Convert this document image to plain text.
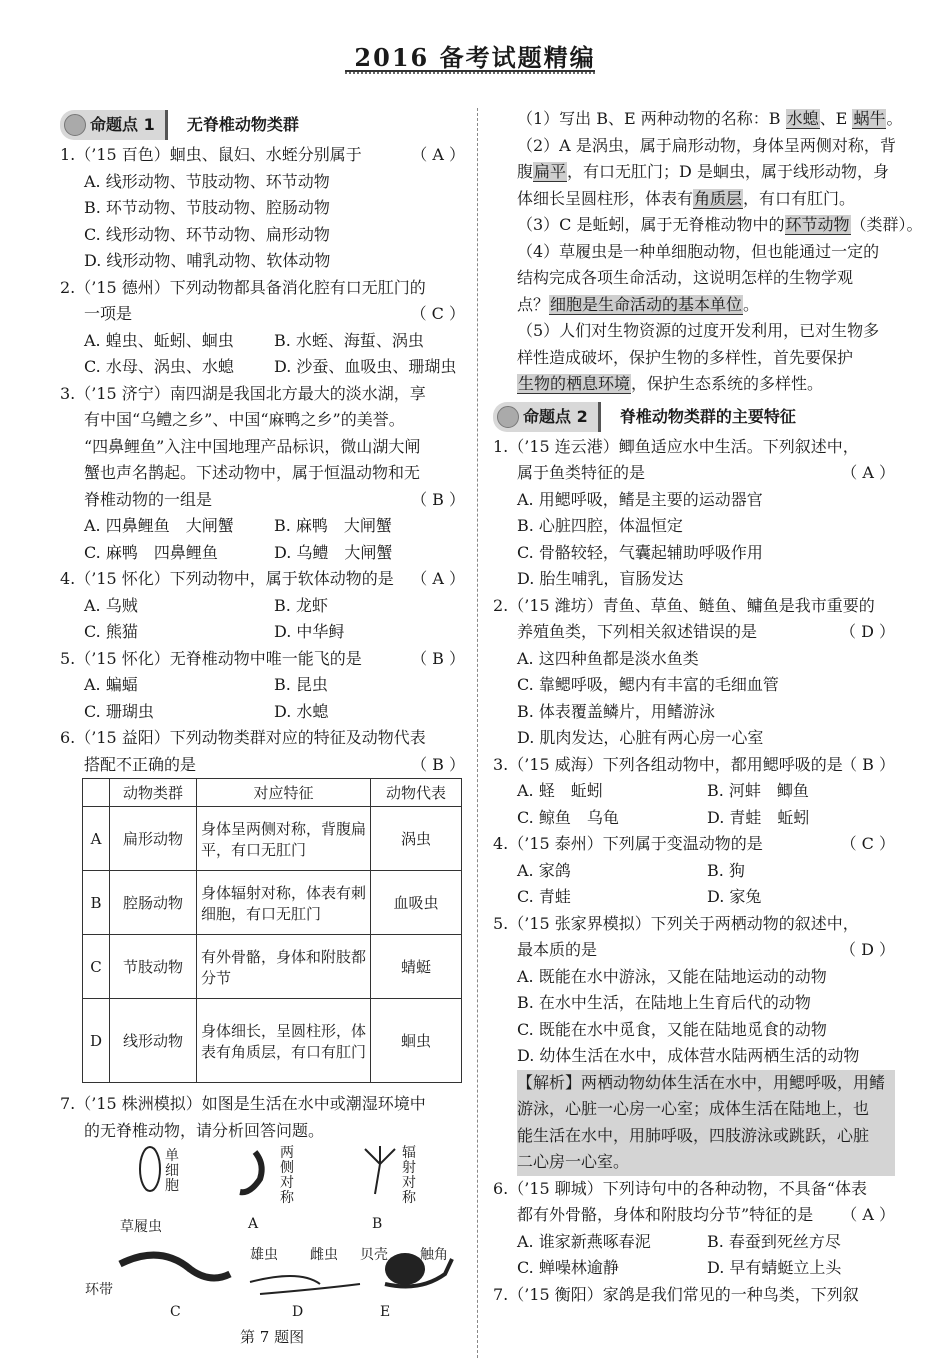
2016 备考试题精编
命题点 1 无脊椎动物类群
1.（’15 百色）蛔虫、鼠妇、水蛭分别属于	（ A ）
A. 线形动物、节肢动物、环节动物
B. 环节动物、节肢动物、腔肠动物
C. 线形动物、环节动物、扁形动物
D. 线形动物、哺乳动物、软体动物
2.（’15 德州）下列动物都具备消化腔有口无肛门的
一项是	（ C ）
A. 蝗虫、蚯蚓、蛔虫	B. 水蛭、海蜇、涡虫
C. 水母、涡虫、水螅	D. 沙蚕、血吸虫、珊瑚虫
3.（’15 济宁）南四湖是我国北方最大的淡水湖，享
有中国“乌鳢之乡”、中国“麻鸭之乡”的美誉。
“四鼻鲤鱼”入注中国地理产品标识，微山湖大闸
蟹也声名鹊起。下述动物中，属于恒温动物和无
脊椎动物的一组是	（ B ）
A. 四鼻鲤鱼　大闸蟹	B. 麻鸭　大闸蟹
C. 麻鸭　四鼻鲤鱼	D. 乌鳢　大闸蟹
4.（’15 怀化）下列动物中，属于软体动物的是 （ A ）
A. 乌贼	B. 龙虾
C. 熊猫	D. 中华鲟
5.（’15 怀化）无脊椎动物中唯一能飞的是	（ B ）
A. 蝙蝠	B. 昆虫
C. 珊瑚虫	D. 水螅
6.（’15 益阳）下列动物类群对应的特征及动物代表
搭配不正确的是	（ B ）
	动物类群	对应特征	动物代表
A	扁形动物	身体呈两侧对称，背腹扁平，有口无肛门	涡虫
B	腔肠动物	身体辐射对称，体表有刺细胞，有口无肛门	血吸虫
C	节肢动物	有外骨骼，身体和附肢都分节	蜻蜓
D	线形动物	身体细长，呈圆柱形，体表有角质层，有口有肛门	蛔虫
7.（’15 株洲模拟）如图是生活在水中或潮湿环境中
的无脊椎动物，请分析回答问题。
单细胞
草履虫
两侧对称
A
辐射对称
B
环带
C
雄虫 雌虫
D
贝壳 触角
E
第 7 题图
（1）写出 B、E 两种动物的名称：B 水螅、E 蜗牛。
（2）A 是涡虫，属于扁形动物，身体呈两侧对称，背
腹扁平，有口无肛门；D 是蛔虫，属于线形动物，身
体细长呈圆柱形，体表有角质层，有口有肛门。
（3）C 是蚯蚓，属于无脊椎动物中的环节动物（类群）。
（4）草履虫是一种单细胞动物，但也能通过一定的
结构完成各项生命活动，这说明怎样的生物学观
点？细胞是生命活动的基本单位。
（5）人们对生物资源的过度开发利用，已对生物多
样性造成破坏，保护生物的多样性，首先要保护
生物的栖息环境，保护生态系统的多样性。
命题点 2 脊椎动物类群的主要特征
1.（’15 连云港）鲫鱼适应水中生活。下列叙述中，
属于鱼类特征的是	（ A ）
A. 用鳃呼吸，鳍是主要的运动器官
B. 心脏四腔，体温恒定
C. 骨骼较轻，气囊起辅助呼吸作用
D. 胎生哺乳，盲肠发达
2.（’15 潍坊）青鱼、草鱼、鲢鱼、鳙鱼是我市重要的
养殖鱼类，下列相关叙述错误的是	（ D ）
A. 这四种鱼都是淡水鱼类
C. 靠鳃呼吸，鳃内有丰富的毛细血管
B. 体表覆盖鳞片，用鳍游泳
D. 肌肉发达，心脏有两心房一心室
3.（’15 威海）下列各组动物中，都用鳃呼吸的是
（ B ）
A. 蛏　蚯蚓	B. 河蚌　鲫鱼
C. 鲸鱼　乌龟	D. 青蛙　蚯蚓
4.（’15 泰州）下列属于变温动物的是	（ C ）
A. 家鸽	B. 狗
C. 青蛙	D. 家兔
5.（’15 张家界模拟）下列关于两栖动物的叙述中，
最本质的是	（ D ）
A. 既能在水中游泳，又能在陆地运动的动物
B. 在水中生活，在陆地上生育后代的动物
C. 既能在水中觅食，又能在陆地觅食的动物
D. 幼体生活在水中，成体营水陆两栖生活的动物
【解析】两栖动物幼体生活在水中，用鳃呼吸，用鳍
游泳，心脏一心房一心室；成体生活在陆地上，也
能生活在水中，用肺呼吸，四肢游泳或跳跃，心脏
二心房一心室。
6.（’15 聊城）下列诗句中的各种动物，不具备“体表
都有外骨骼，身体和附肢均分节”特征的是 （ A ）
A. 谁家新燕啄春泥	B. 春蚕到死丝方尽
C. 蝉噪林逾静	D. 早有蜻蜓立上头
7.（’15 衡阳）家鸽是我们常见的一种鸟类，下列叙
